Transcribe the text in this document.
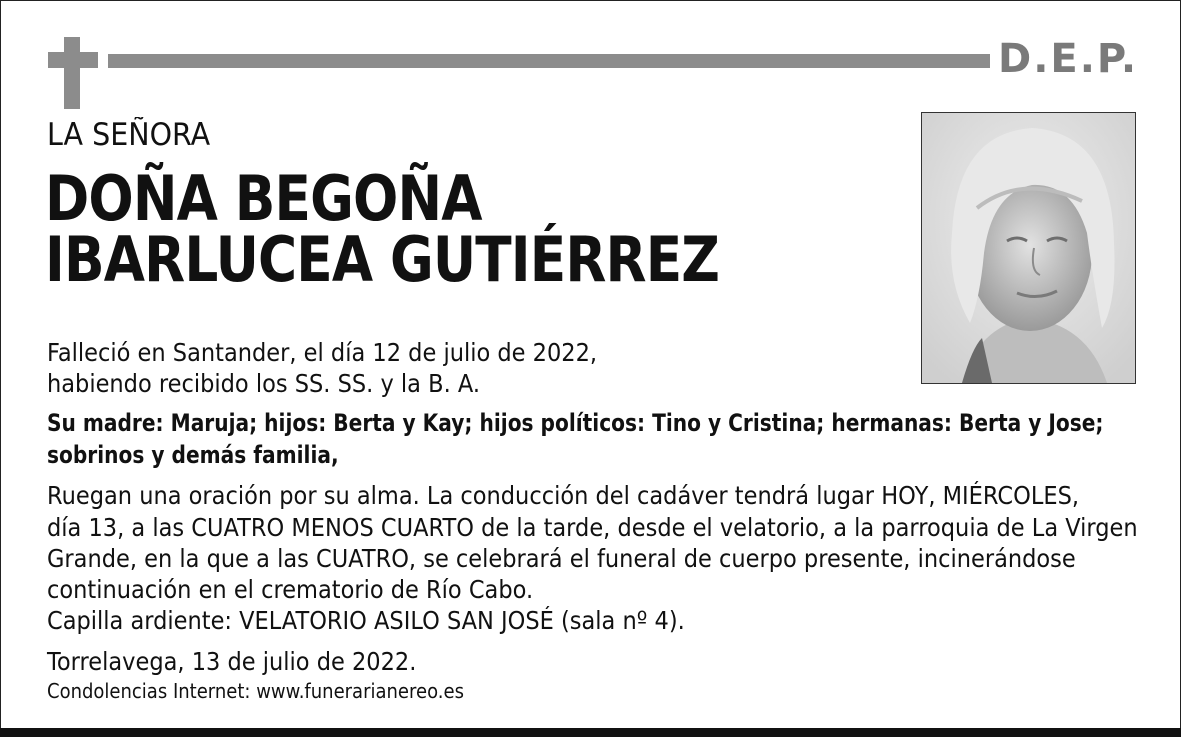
D.E.P.
LA SEÑORA
DOÑA BEGOÑA
IBARLUCEA GUTIÉRREZ
Falleció en Santander, el día 12 de julio de 2022,
habiendo recibido los SS. SS. y la B. A.
Su madre: Maruja; hijos: Berta y Kay; hijos políticos: Tino y Cristina; hermanas: Berta y Jose;
sobrinos y demás familia,
Ruegan una oración por su alma. La conducción del cadáver tendrá lugar HOY, MIÉRCOLES,
día 13, a las CUATRO MENOS CUARTO de la tarde, desde el velatorio, a la parroquia de La Virgen
Grande, en la que a las CUATRO, se celebrará el funeral de cuerpo presente, incinerándose
continuación en el crematorio de Río Cabo.
Capilla ardiente: VELATORIO ASILO SAN JOSÉ (sala nº 4).
Torrelavega, 13 de julio de 2022.
Condolencias Internet: www.funerarianereo.es
